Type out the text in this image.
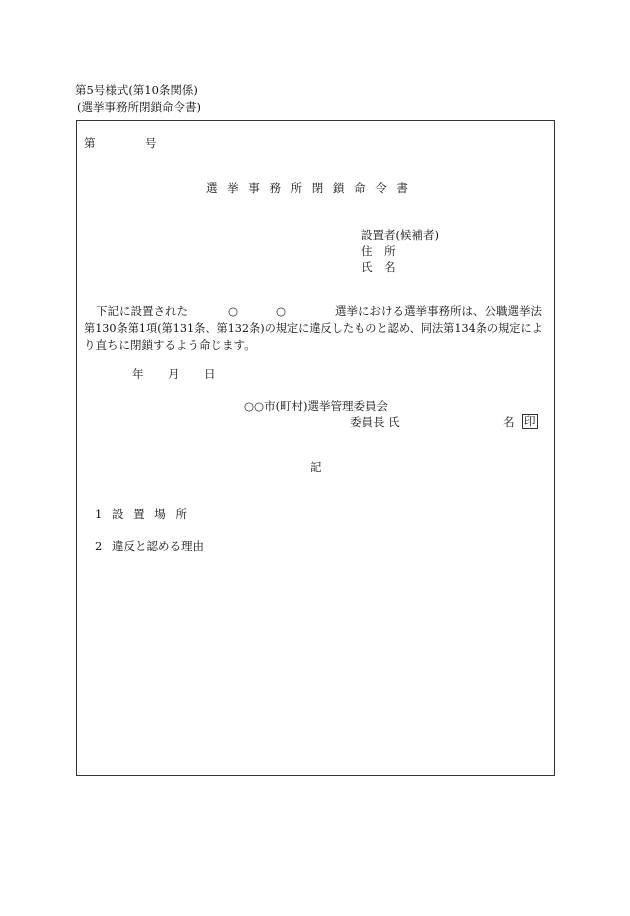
第5号様式(第10条関係)
(選挙事務所閉鎖命令書)
第	号
選 挙 事 務 所 閉 鎖 命 令 書
設置者(候補者)
住 所
氏 名
下記に設置された	○	○	選挙における選挙事務所は、公職選挙法
第130条第1項(第131条、第132条)の規定に違反したものと認め、同法第134条の規定によ
り直ちに閉鎖するよう命じます。
年 月 日
○○市(町村)選挙管理委員会
委員長 氏	名 印
記
1 設 置 場 所
2 違反と認める理由
